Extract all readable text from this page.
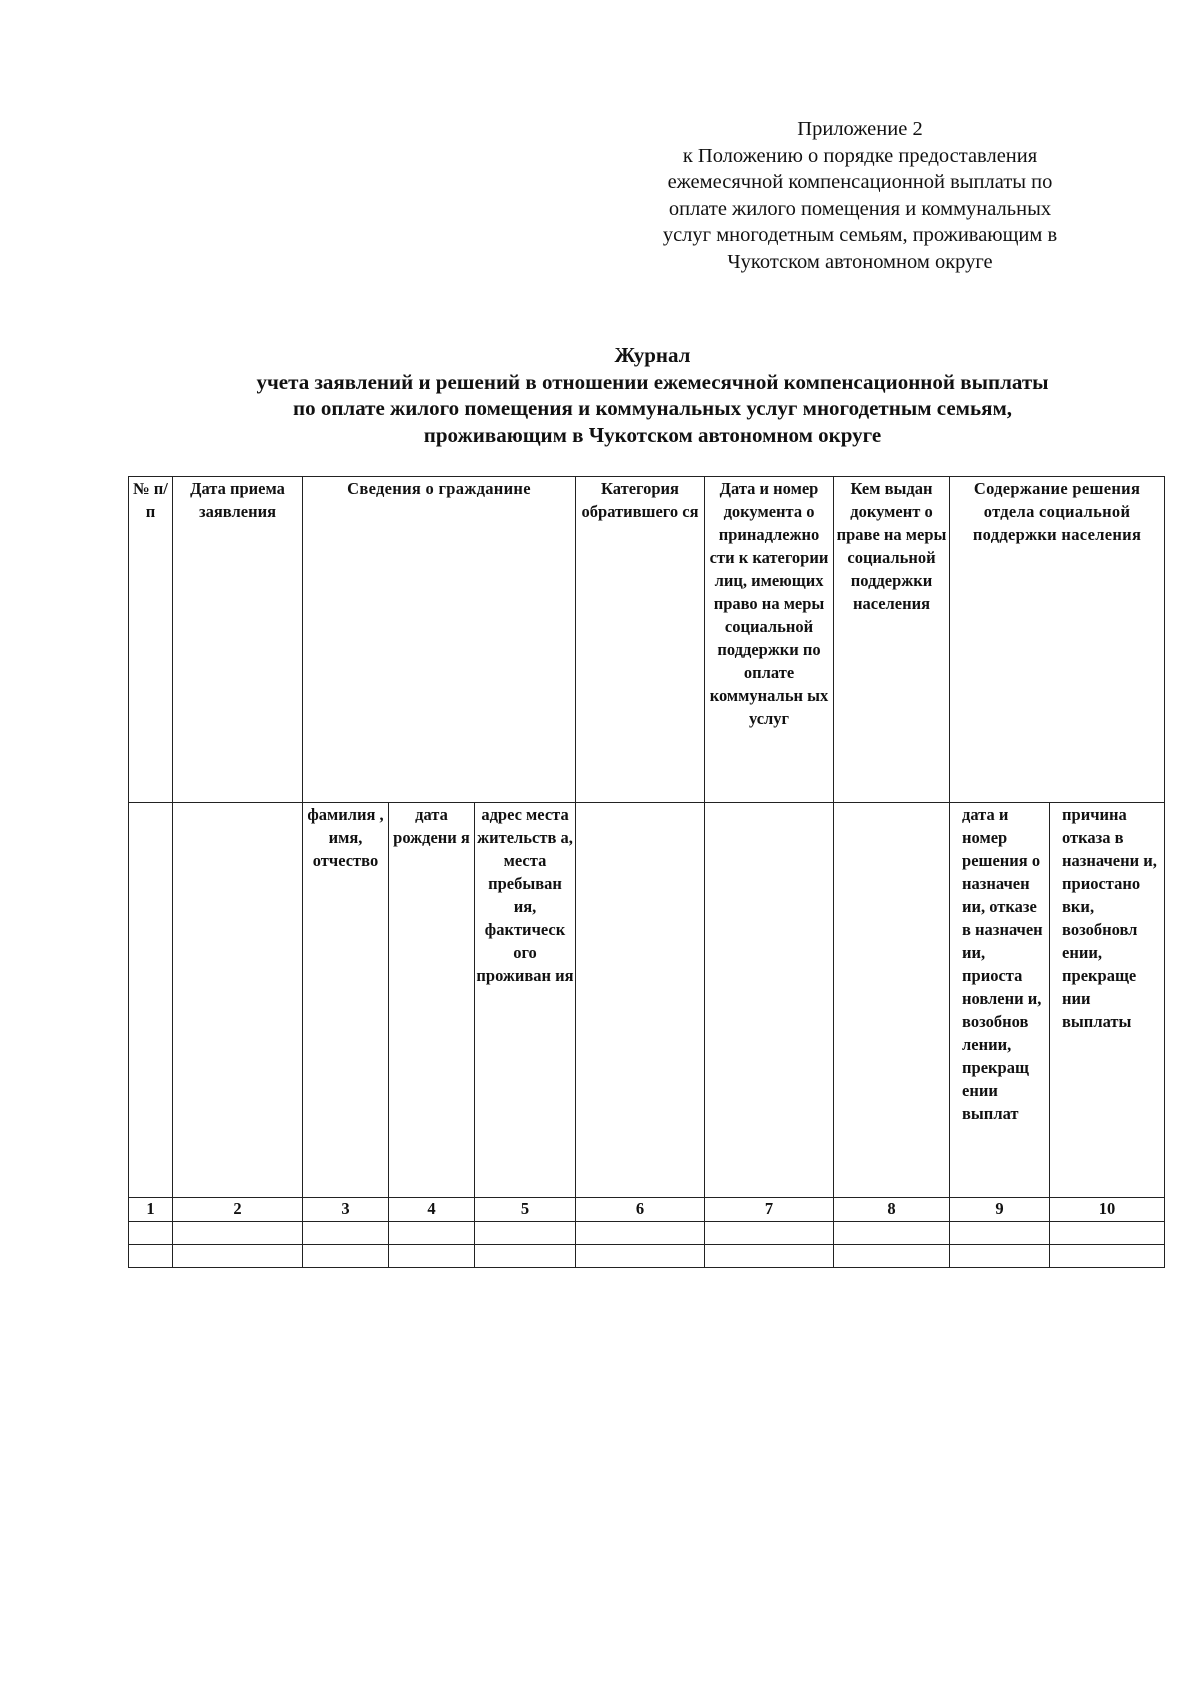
Приложение 2
к Положению о порядке предоставления
ежемесячной компенсационной выплаты по
оплате жилого помещения и коммунальных
услуг многодетным семьям, проживающим в
Чукотском автономном округе
Журнал
учета заявлений и решений в отношении ежемесячной компенсационной выплаты
по оплате жилого помещения и коммунальных услуг многодетным семьям,
проживающим в Чукотском автономном округе
№ п/п	Дата приема заявления	Сведения о гражданине			Категория обратившего ся	Дата и номер документа о принадлежно сти к категории лиц, имеющих право на меры социальной поддержки по оплате коммунальн ых услуг	Кем выдан документ о праве на меры социальной поддержки населения	Содержание решения отдела социальной поддержки населения	
		фамилия , имя, отчество	дата рождени я	адрес места жительств а, места пребыван ия, фактическ ого проживан ия				дата и номер решения о назначен ии, отказе в назначен ии, приоста новлени и, возобнов лении, прекращ ении выплат	причина отказа в назначени и, приостано вки, возобновл ении, прекраще нии выплаты
1	2	3	4	5	6	7	8	9	10
